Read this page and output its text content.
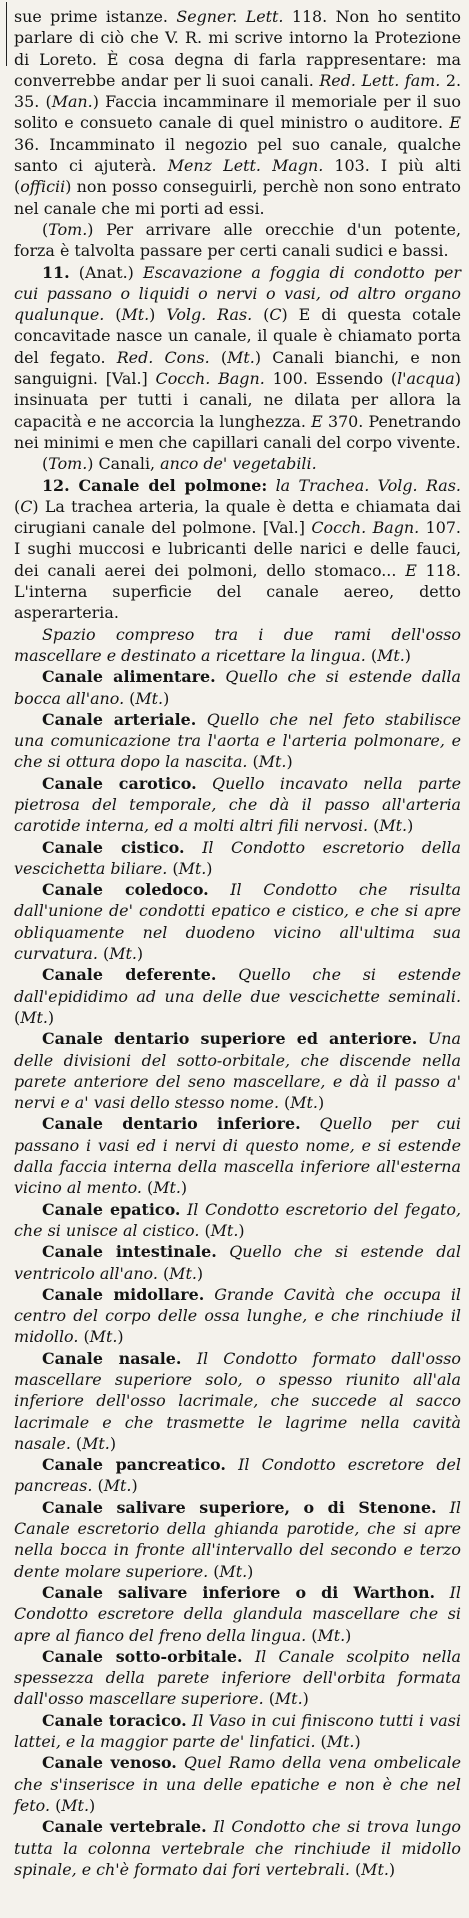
sue prime istanze. Segner. Lett. 118. Non ho sentito parlare di ciò che V. R. mi scrive intorno la Protezione di Loreto. È cosa degna di farla rappresentare: ma converrebbe andar per li suoi canali. Red. Lett. fam. 2. 35. (Man.) Faccia incamminare il memoriale per il suo solito e consueto canale di quel ministro o auditore. E 36. Incamminato il negozio pel suo canale, qualche santo ci ajuterà. Menz Lett. Magn. 103. I più alti (officii) non posso conseguirli, perchè non sono entrato nel canale che mi porti ad essi.

(Tom.) Per arrivare alle orecchie d'un potente, forza è talvolta passare per certi canali sudici e bassi.

11. (Anat.) Escavazione a foggia di condotto per cui passano o liquidi o nervi o vasi, od altro organo qualunque. (Mt.) Volg. Ras. (C) E di questa cotale concavitade nasce un canale, il quale è chiamato porta del fegato. Red. Cons. (Mt.) Canali bianchi, e non sanguigni. [Val.] Cocch. Bagn. 100. Essendo (l'acqua) insinuata per tutti i canali, ne dilata per allora la capacità e ne accorcia la lunghezza. E 370. Penetrando nei minimi e men che capillari canali del corpo vivente.

(Tom.) Canali, anco de' vegetabili.

12. Canale del polmone: la Trachea. Volg. Ras. (C) La trachea arteria, la quale è detta e chiamata dai cirugiani canale del polmone. [Val.] Cocch. Bagn. 107. I sughi muccosi e lubricanti delle narici e delle fauci, dei canali aerei dei polmoni, dello stomaco... E 118. L'interna superficie del canale aereo, detto asperarteria.

Spazio compreso tra i due rami dell'osso mascellare e destinato a ricettare la lingua. (Mt.)

Canale alimentare. Quello che si estende dalla bocca all'ano. (Mt.)

Canale arteriale. Quello che nel feto stabilisce una comunicazione tra l'aorta e l'arteria polmonare, e che si ottura dopo la nascita. (Mt.)

Canale carotico. Quello incavato nella parte pietrosa del temporale, che dà il passo all'arteria carotide interna, ed a molti altri fili nervosi. (Mt.)

Canale cistico. Il Condotto escretorio della vescichetta biliare. (Mt.)

Canale coledoco. Il Condotto che risulta dall'unione de' condotti epatico e cistico, e che si apre obliquamente nel duodeno vicino all'ultima sua curvatura. (Mt.)

Canale deferente. Quello che si estende dall'epididimo ad una delle due vescichette seminali. (Mt.)

Canale dentario superiore ed anteriore. Una delle divisioni del sotto-orbitale, che discende nella parete anteriore del seno mascellare, e dà il passo a' nervi e a' vasi dello stesso nome. (Mt.)

Canale dentario inferiore. Quello per cui passano i vasi ed i nervi di questo nome, e si estende dalla faccia interna della mascella inferiore all'esterna vicino al mento. (Mt.)

Canale epatico. Il Condotto escretorio del fegato, che si unisce al cistico. (Mt.)

Canale intestinale. Quello che si estende dal ventricolo all'ano. (Mt.)

Canale midollare. Grande Cavità che occupa il centro del corpo delle ossa lunghe, e che rinchiude il midollo. (Mt.)

Canale nasale. Il Condotto formato dall'osso mascellare superiore solo, o spesso riunito all'ala inferiore dell'osso lacrimale, che succede al sacco lacrimale e che trasmette le lagrime nella cavità nasale. (Mt.)

Canale pancreatico. Il Condotto escretore del pancreas. (Mt.)

Canale salivare superiore, o di Stenone. Il Canale escretorio della ghianda parotide, che si apre nella bocca in fronte all'intervallo del secondo e terzo dente molare superiore. (Mt.)

Canale salivare inferiore o di Warthon. Il Condotto escretore della glandula mascellare che si apre al fianco del freno della lingua. (Mt.)

Canale sotto-orbitale. Il Canale scolpito nella spessezza della parete inferiore dell'orbita formata dall'osso mascellare superiore. (Mt.)

Canale toracico. Il Vaso in cui finiscono tutti i vasi lattei, e la maggior parte de' linfatici. (Mt.)

Canale venoso. Quel Ramo della vena ombelicale che s'inserisce in una delle epatiche e non è che nel feto. (Mt.)

Canale vertebrale. Il Condotto che si trova lungo tutta la colonna vertebrale che rinchiude il midollo spinale, e ch'è formato dai fori vertebrali. (Mt.)
